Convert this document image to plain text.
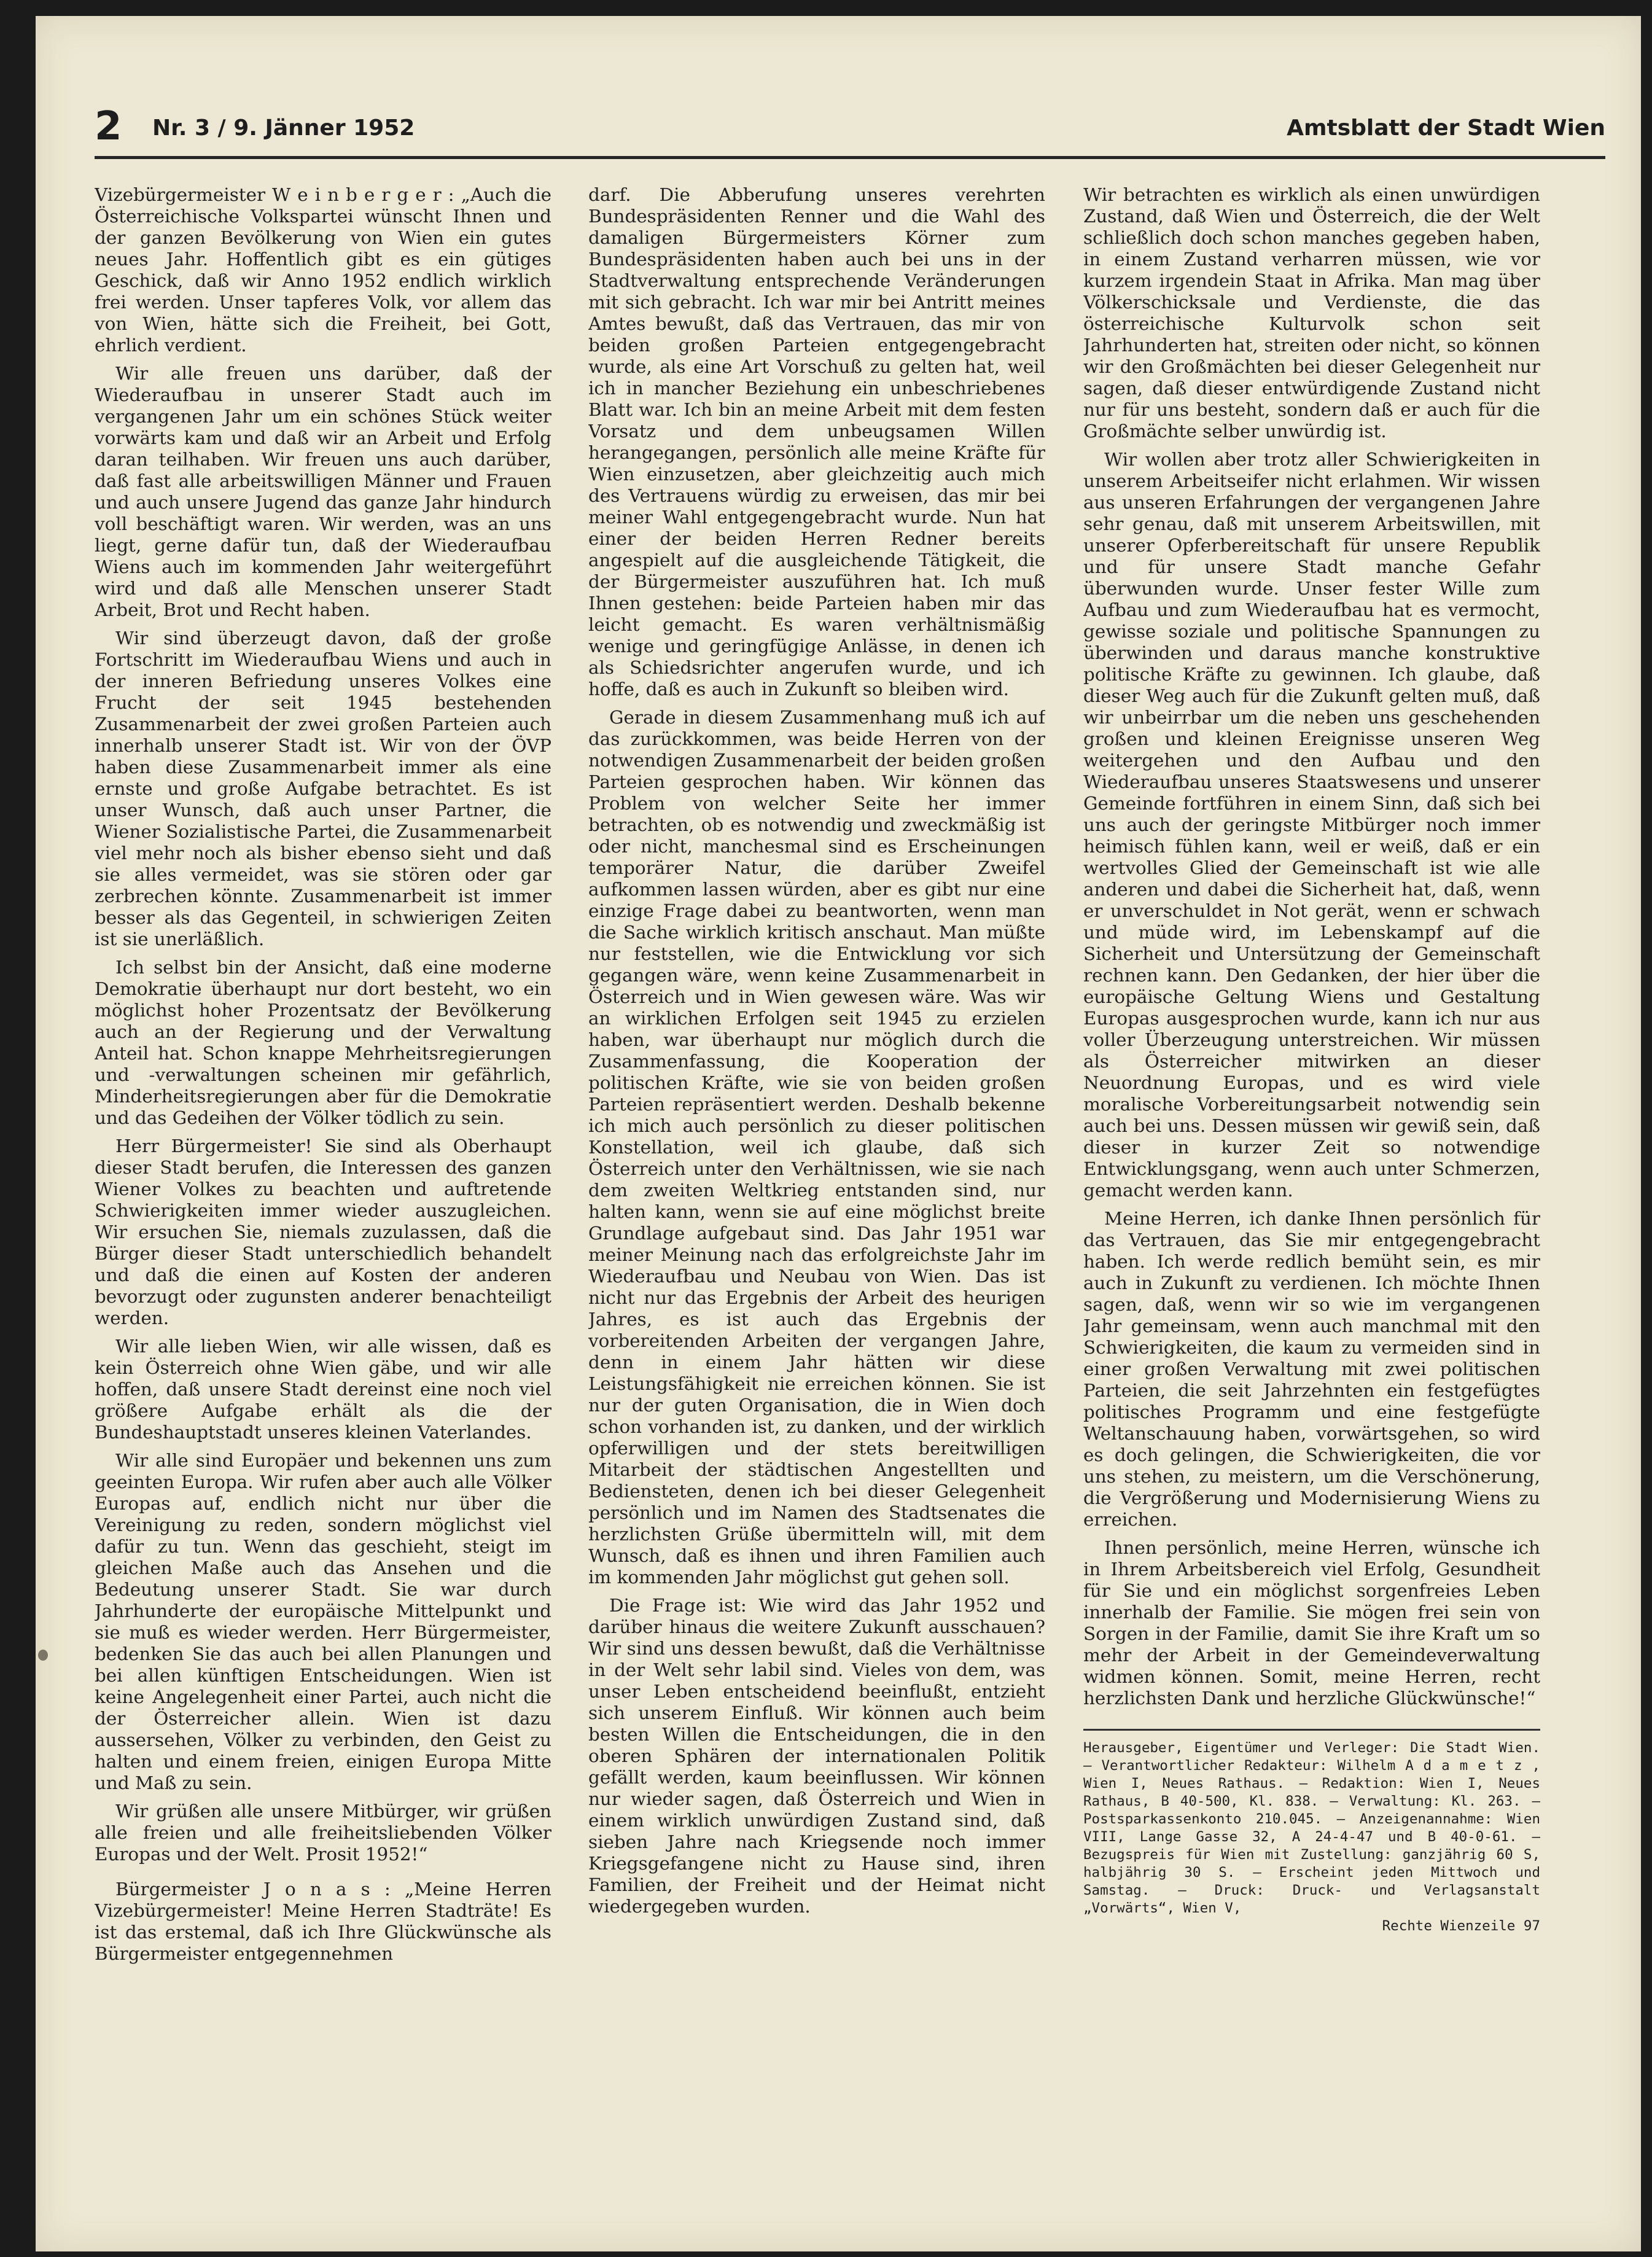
2 Nr. 3 / 9. Jänner 1952	Amtsblatt der Stadt Wien

Vizebürgermeister W e i n b e r g e r : „Auch die Österreichische Volkspartei wünscht Ihnen und der ganzen Bevölkerung von Wien ein gutes neues Jahr. Hoffentlich gibt es ein gütiges Geschick, daß wir Anno 1952 endlich wirklich frei werden. Unser tapferes Volk, vor allem das von Wien, hätte sich die Freiheit, bei Gott, ehrlich verdient.

Wir alle freuen uns darüber, daß der Wiederaufbau in unserer Stadt auch im vergangenen Jahr um ein schönes Stück weiter vorwärts kam und daß wir an Arbeit und Erfolg daran teilhaben. Wir freuen uns auch darüber, daß fast alle arbeitswilligen Männer und Frauen und auch unsere Jugend das ganze Jahr hindurch voll beschäftigt waren. Wir werden, was an uns liegt, gerne dafür tun, daß der Wiederaufbau Wiens auch im kommenden Jahr weitergeführt wird und daß alle Menschen unserer Stadt Arbeit, Brot und Recht haben.

Wir sind überzeugt davon, daß der große Fortschritt im Wiederaufbau Wiens und auch in der inneren Befriedung unseres Volkes eine Frucht der seit 1945 bestehenden Zusammenarbeit der zwei großen Parteien auch innerhalb unserer Stadt ist. Wir von der ÖVP haben diese Zusammenarbeit immer als eine ernste und große Aufgabe betrachtet. Es ist unser Wunsch, daß auch unser Partner, die Wiener Sozialistische Partei, die Zusammenarbeit viel mehr noch als bisher ebenso sieht und daß sie alles vermeidet, was sie stören oder gar zerbrechen könnte. Zusammenarbeit ist immer besser als das Gegenteil, in schwierigen Zeiten ist sie unerläßlich.

Ich selbst bin der Ansicht, daß eine moderne Demokratie überhaupt nur dort besteht, wo ein möglichst hoher Prozentsatz der Bevölkerung auch an der Regierung und der Verwaltung Anteil hat. Schon knappe Mehrheitsregierungen und -verwaltungen scheinen mir gefährlich, Minderheitsregierungen aber für die Demokratie und das Gedeihen der Völker tödlich zu sein.

Herr Bürgermeister! Sie sind als Oberhaupt dieser Stadt berufen, die Interessen des ganzen Wiener Volkes zu beachten und auftretende Schwierigkeiten immer wieder auszugleichen. Wir ersuchen Sie, niemals zuzulassen, daß die Bürger dieser Stadt unterschiedlich behandelt und daß die einen auf Kosten der anderen bevorzugt oder zugunsten anderer benachteiligt werden.

Wir alle lieben Wien, wir alle wissen, daß es kein Österreich ohne Wien gäbe, und wir alle hoffen, daß unsere Stadt dereinst eine noch viel größere Aufgabe erhält als die der Bundeshauptstadt unseres kleinen Vaterlandes.

Wir alle sind Europäer und bekennen uns zum geeinten Europa. Wir rufen aber auch alle Völker Europas auf, endlich nicht nur über die Vereinigung zu reden, sondern möglichst viel dafür zu tun. Wenn das geschieht, steigt im gleichen Maße auch das Ansehen und die Bedeutung unserer Stadt. Sie war durch Jahrhunderte der europäische Mittelpunkt und sie muß es wieder werden. Herr Bürgermeister, bedenken Sie das auch bei allen Planungen und bei allen künftigen Entscheidungen. Wien ist keine Angelegenheit einer Partei, auch nicht die der Österreicher allein. Wien ist dazu aussersehen, Völker zu verbinden, den Geist zu halten und einem freien, einigen Europa Mitte und Maß zu sein.

Wir grüßen alle unsere Mitbürger, wir grüßen alle freien und alle freiheitsliebenden Völker Europas und der Welt. Prosit 1952!“

Bürgermeister J o n a s : „Meine Herren Vizebürgermeister! Meine Herren Stadträte! Es ist das erstemal, daß ich Ihre Glückwünsche als Bürgermeister entgegennehmen

darf. Die Abberufung unseres verehrten Bundespräsidenten Renner und die Wahl des damaligen Bürgermeisters Körner zum Bundespräsidenten haben auch bei uns in der Stadtverwaltung entsprechende Veränderungen mit sich gebracht. Ich war mir bei Antritt meines Amtes bewußt, daß das Vertrauen, das mir von beiden großen Parteien entgegengebracht wurde, als eine Art Vorschuß zu gelten hat, weil ich in mancher Beziehung ein unbeschriebenes Blatt war. Ich bin an meine Arbeit mit dem festen Vorsatz und dem unbeugsamen Willen herangegangen, persönlich alle meine Kräfte für Wien einzusetzen, aber gleichzeitig auch mich des Vertrauens würdig zu erweisen, das mir bei meiner Wahl entgegengebracht wurde. Nun hat einer der beiden Herren Redner bereits angespielt auf die ausgleichende Tätigkeit, die der Bürgermeister auszuführen hat. Ich muß Ihnen gestehen: beide Parteien haben mir das leicht gemacht. Es waren verhältnismäßig wenige und geringfügige Anlässe, in denen ich als Schiedsrichter angerufen wurde, und ich hoffe, daß es auch in Zukunft so bleiben wird.

Gerade in diesem Zusammenhang muß ich auf das zurückkommen, was beide Herren von der notwendigen Zusammenarbeit der beiden großen Parteien gesprochen haben. Wir können das Problem von welcher Seite her immer betrachten, ob es notwendig und zweckmäßig ist oder nicht, manchesmal sind es Erscheinungen temporärer Natur, die darüber Zweifel aufkommen lassen würden, aber es gibt nur eine einzige Frage dabei zu beantworten, wenn man die Sache wirklich kritisch anschaut. Man müßte nur feststellen, wie die Entwicklung vor sich gegangen wäre, wenn keine Zusammenarbeit in Österreich und in Wien gewesen wäre. Was wir an wirklichen Erfolgen seit 1945 zu erzielen haben, war überhaupt nur möglich durch die Zusammenfassung, die Kooperation der politischen Kräfte, wie sie von beiden großen Parteien repräsentiert werden. Deshalb bekenne ich mich auch persönlich zu dieser politischen Konstellation, weil ich glaube, daß sich Österreich unter den Verhältnissen, wie sie nach dem zweiten Weltkrieg entstanden sind, nur halten kann, wenn sie auf eine möglichst breite Grundlage aufgebaut sind. Das Jahr 1951 war meiner Meinung nach das erfolgreichste Jahr im Wiederaufbau und Neubau von Wien. Das ist nicht nur das Ergebnis der Arbeit des heurigen Jahres, es ist auch das Ergebnis der vorbereitenden Arbeiten der vergangen Jahre, denn in einem Jahr hätten wir diese Leistungsfähigkeit nie erreichen können. Sie ist nur der guten Organisation, die in Wien doch schon vorhanden ist, zu danken, und der wirklich opferwilligen und der stets bereitwilligen Mitarbeit der städtischen Angestellten und Bediensteten, denen ich bei dieser Gelegenheit persönlich und im Namen des Stadtsenates die herzlichsten Grüße übermitteln will, mit dem Wunsch, daß es ihnen und ihren Familien auch im kommenden Jahr möglichst gut gehen soll.

Die Frage ist: Wie wird das Jahr 1952 und darüber hinaus die weitere Zukunft ausschauen? Wir sind uns dessen bewußt, daß die Verhältnisse in der Welt sehr labil sind. Vieles von dem, was unser Leben entscheidend beeinflußt, entzieht sich unserem Einfluß. Wir können auch beim besten Willen die Entscheidungen, die in den oberen Sphären der internationalen Politik gefällt werden, kaum beeinflussen. Wir können nur wieder sagen, daß Österreich und Wien in einem wirklich unwürdigen Zustand sind, daß sieben Jahre nach Kriegsende noch immer Kriegsgefangene nicht zu Hause sind, ihren Familien, der Freiheit und der Heimat nicht wiedergegeben wurden.

Wir betrachten es wirklich als einen unwürdigen Zustand, daß Wien und Österreich, die der Welt schließlich doch schon manches gegeben haben, in einem Zustand verharren müssen, wie vor kurzem irgendein Staat in Afrika. Man mag über Völkerschicksale und Verdienste, die das österreichische Kulturvolk schon seit Jahrhunderten hat, streiten oder nicht, so können wir den Großmächten bei dieser Gelegenheit nur sagen, daß dieser entwürdigende Zustand nicht nur für uns besteht, sondern daß er auch für die Großmächte selber unwürdig ist.

Wir wollen aber trotz aller Schwierigkeiten in unserem Arbeitseifer nicht erlahmen. Wir wissen aus unseren Erfahrungen der vergangenen Jahre sehr genau, daß mit unserem Arbeitswillen, mit unserer Opferbereitschaft für unsere Republik und für unsere Stadt manche Gefahr überwunden wurde. Unser fester Wille zum Aufbau und zum Wiederaufbau hat es vermocht, gewisse soziale und politische Spannungen zu überwinden und daraus manche konstruktive politische Kräfte zu gewinnen. Ich glaube, daß dieser Weg auch für die Zukunft gelten muß, daß wir unbeirrbar um die neben uns geschehenden großen und kleinen Ereignisse unseren Weg weitergehen und den Aufbau und den Wiederaufbau unseres Staatswesens und unserer Gemeinde fortführen in einem Sinn, daß sich bei uns auch der geringste Mitbürger noch immer heimisch fühlen kann, weil er weiß, daß er ein wertvolles Glied der Gemeinschaft ist wie alle anderen und dabei die Sicherheit hat, daß, wenn er unverschuldet in Not gerät, wenn er schwach und müde wird, im Lebenskampf auf die Sicherheit und Untersützung der Gemeinschaft rechnen kann. Den Gedanken, der hier über die europäische Geltung Wiens und Gestaltung Europas ausgesprochen wurde, kann ich nur aus voller Überzeugung unterstreichen. Wir müssen als Österreicher mitwirken an dieser Neuordnung Europas, und es wird viele moralische Vorbereitungsarbeit notwendig sein auch bei uns. Dessen müssen wir gewiß sein, daß dieser in kurzer Zeit so notwendige Entwicklungsgang, wenn auch unter Schmerzen, gemacht werden kann.

Meine Herren, ich danke Ihnen persönlich für das Vertrauen, das Sie mir entgegengebracht haben. Ich werde redlich bemüht sein, es mir auch in Zukunft zu verdienen. Ich möchte Ihnen sagen, daß, wenn wir so wie im vergangenen Jahr gemeinsam, wenn auch manchmal mit den Schwierigkeiten, die kaum zu vermeiden sind in einer großen Verwaltung mit zwei politischen Parteien, die seit Jahrzehnten ein festgefügtes politisches Programm und eine festgefügte Weltanschauung haben, vorwärtsgehen, so wird es doch gelingen, die Schwierigkeiten, die vor uns stehen, zu meistern, um die Verschönerung, die Vergrößerung und Modernisierung Wiens zu erreichen.

Ihnen persönlich, meine Herren, wünsche ich in Ihrem Arbeitsbereich viel Erfolg, Gesundheit für Sie und ein möglichst sorgenfreies Leben innerhalb der Familie. Sie mögen frei sein von Sorgen in der Familie, damit Sie ihre Kraft um so mehr der Arbeit in der Gemeindeverwaltung widmen können. Somit, meine Herren, recht herzlichsten Dank und herzliche Glückwünsche!“

Herausgeber, Eigentümer und Verleger: Die Stadt Wien. — Verantwortlicher Redakteur: Wilhelm A d a m e t z , Wien I, Neues Rathaus. — Redaktion: Wien I, Neues Rathaus, B 40-500, Kl. 838. — Verwaltung: Kl. 263. — Postsparkassenkonto 210.045. — Anzeigenannahme: Wien VIII, Lange Gasse 32, A 24-4-47 und B 40-0-61. — Bezugspreis für Wien mit Zustellung: ganzjährig 60 S, halbjährig 30 S. — Erscheint jeden Mittwoch und Samstag. — Druck: Druck- und Verlagsanstalt „Vorwärts“, Wien V,
Rechte Wienzeile 97
